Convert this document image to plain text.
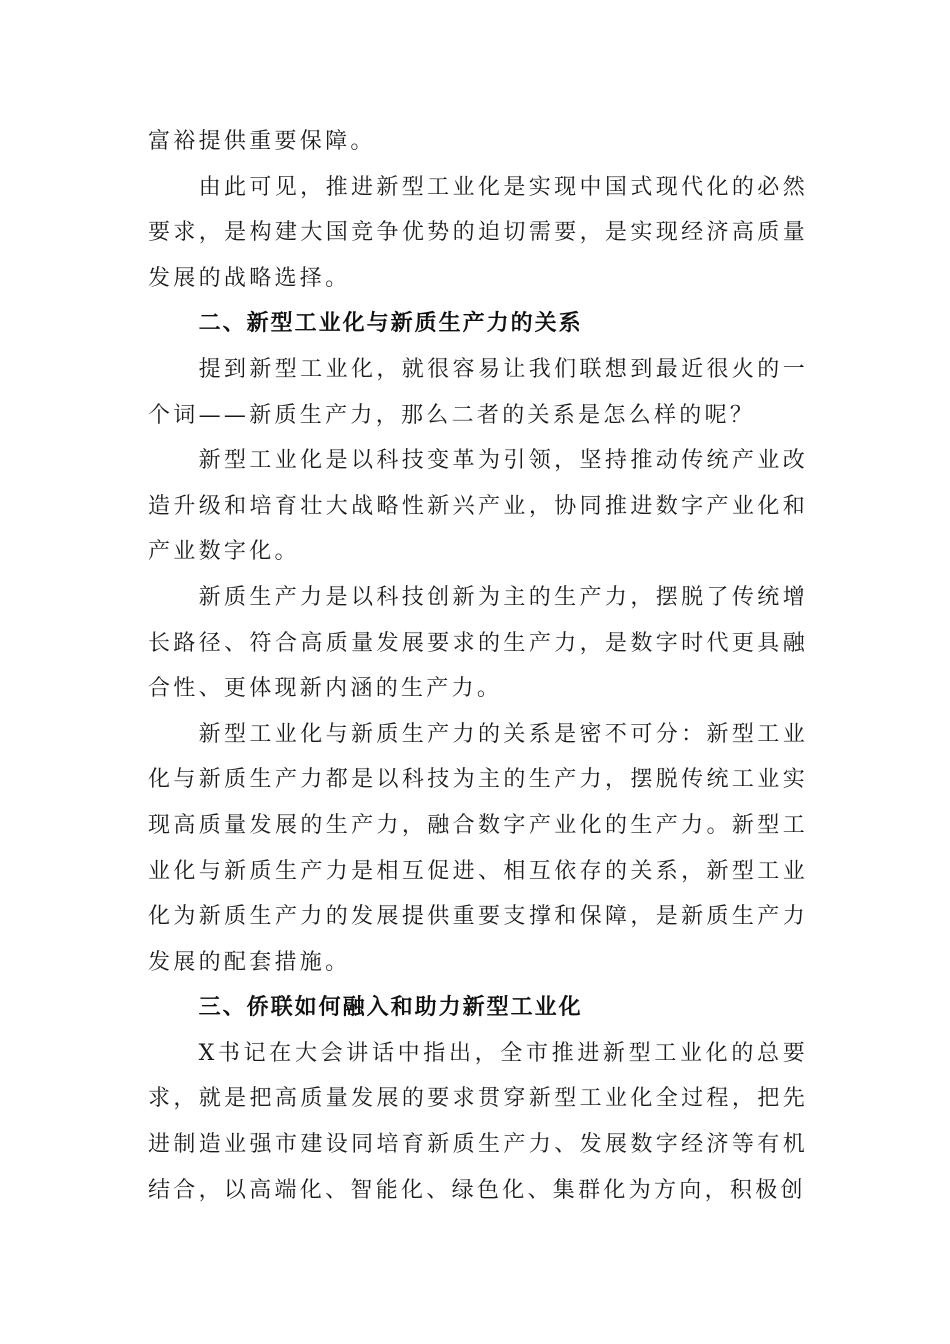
富裕提供重要保障。

由此可见，推进新型工业化是实现中国式现代化的必然要求，是构建大国竞争优势的迫切需要，是实现经济高质量发展的战略选择。

二、新型工业化与新质生产力的关系

提到新型工业化，就很容易让我们联想到最近很火的一个词——新质生产力，那么二者的关系是怎么样的呢？

新型工业化是以科技变革为引领，坚持推动传统产业改造升级和培育壮大战略性新兴产业，协同推进数字产业化和产业数字化。

新质生产力是以科技创新为主的生产力，摆脱了传统增长路径、符合高质量发展要求的生产力，是数字时代更具融合性、更体现新内涵的生产力。

新型工业化与新质生产力的关系是密不可分：新型工业化与新质生产力都是以科技为主的生产力，摆脱传统工业实现高质量发展的生产力，融合数字产业化的生产力。新型工业化与新质生产力是相互促进、相互依存的关系，新型工业化为新质生产力的发展提供重要支撑和保障，是新质生产力发展的配套措施。

三、侨联如何融入和助力新型工业化

X书记在大会讲话中指出，全市推进新型工业化的总要求，就是把高质量发展的要求贯穿新型工业化全过程，把先进制造业强市建设同培育新质生产力、发展数字经济等有机结合，以高端化、智能化、绿色化、集群化为方向，积极创
